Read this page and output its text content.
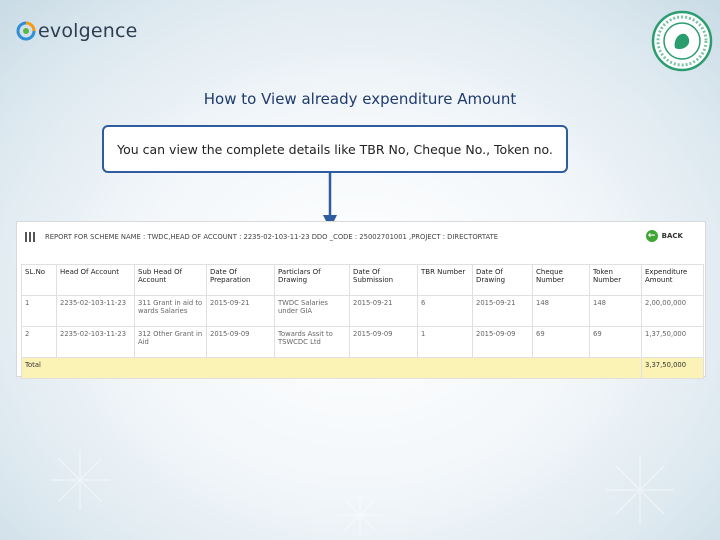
evolgence
How to View already expenditure Amount
You can view the complete details like TBR No, Cheque No., Token no.
REPORT FOR SCHEME NAME : TWDC,HEAD OF ACCOUNT : 2235-02-103-11-23 DDO _CODE : 25002701001 ,PROJECT : DIRECTORTATE	← BACK
SL.No	Head Of Account	Sub Head Of Account	Date Of Preparation	Particlars Of Drawing	Date Of Submission	TBR Number	Date Of Drawing	Cheque Number	Token Number	Expenditure Amount
1	2235-02-103-11-23	311 Grant in aid to wards Salaries	2015-09-21	TWDC Salaries under GIA	2015-09-21	6	2015-09-21	148	148	2,00,00,000
2	2235-02-103-11-23	312 Other Grant in Aid	2015-09-09	Towards Assit to TSWCDC Ltd	2015-09-09	1	2015-09-09	69	69	1,37,50,000
Total										3,37,50,000
